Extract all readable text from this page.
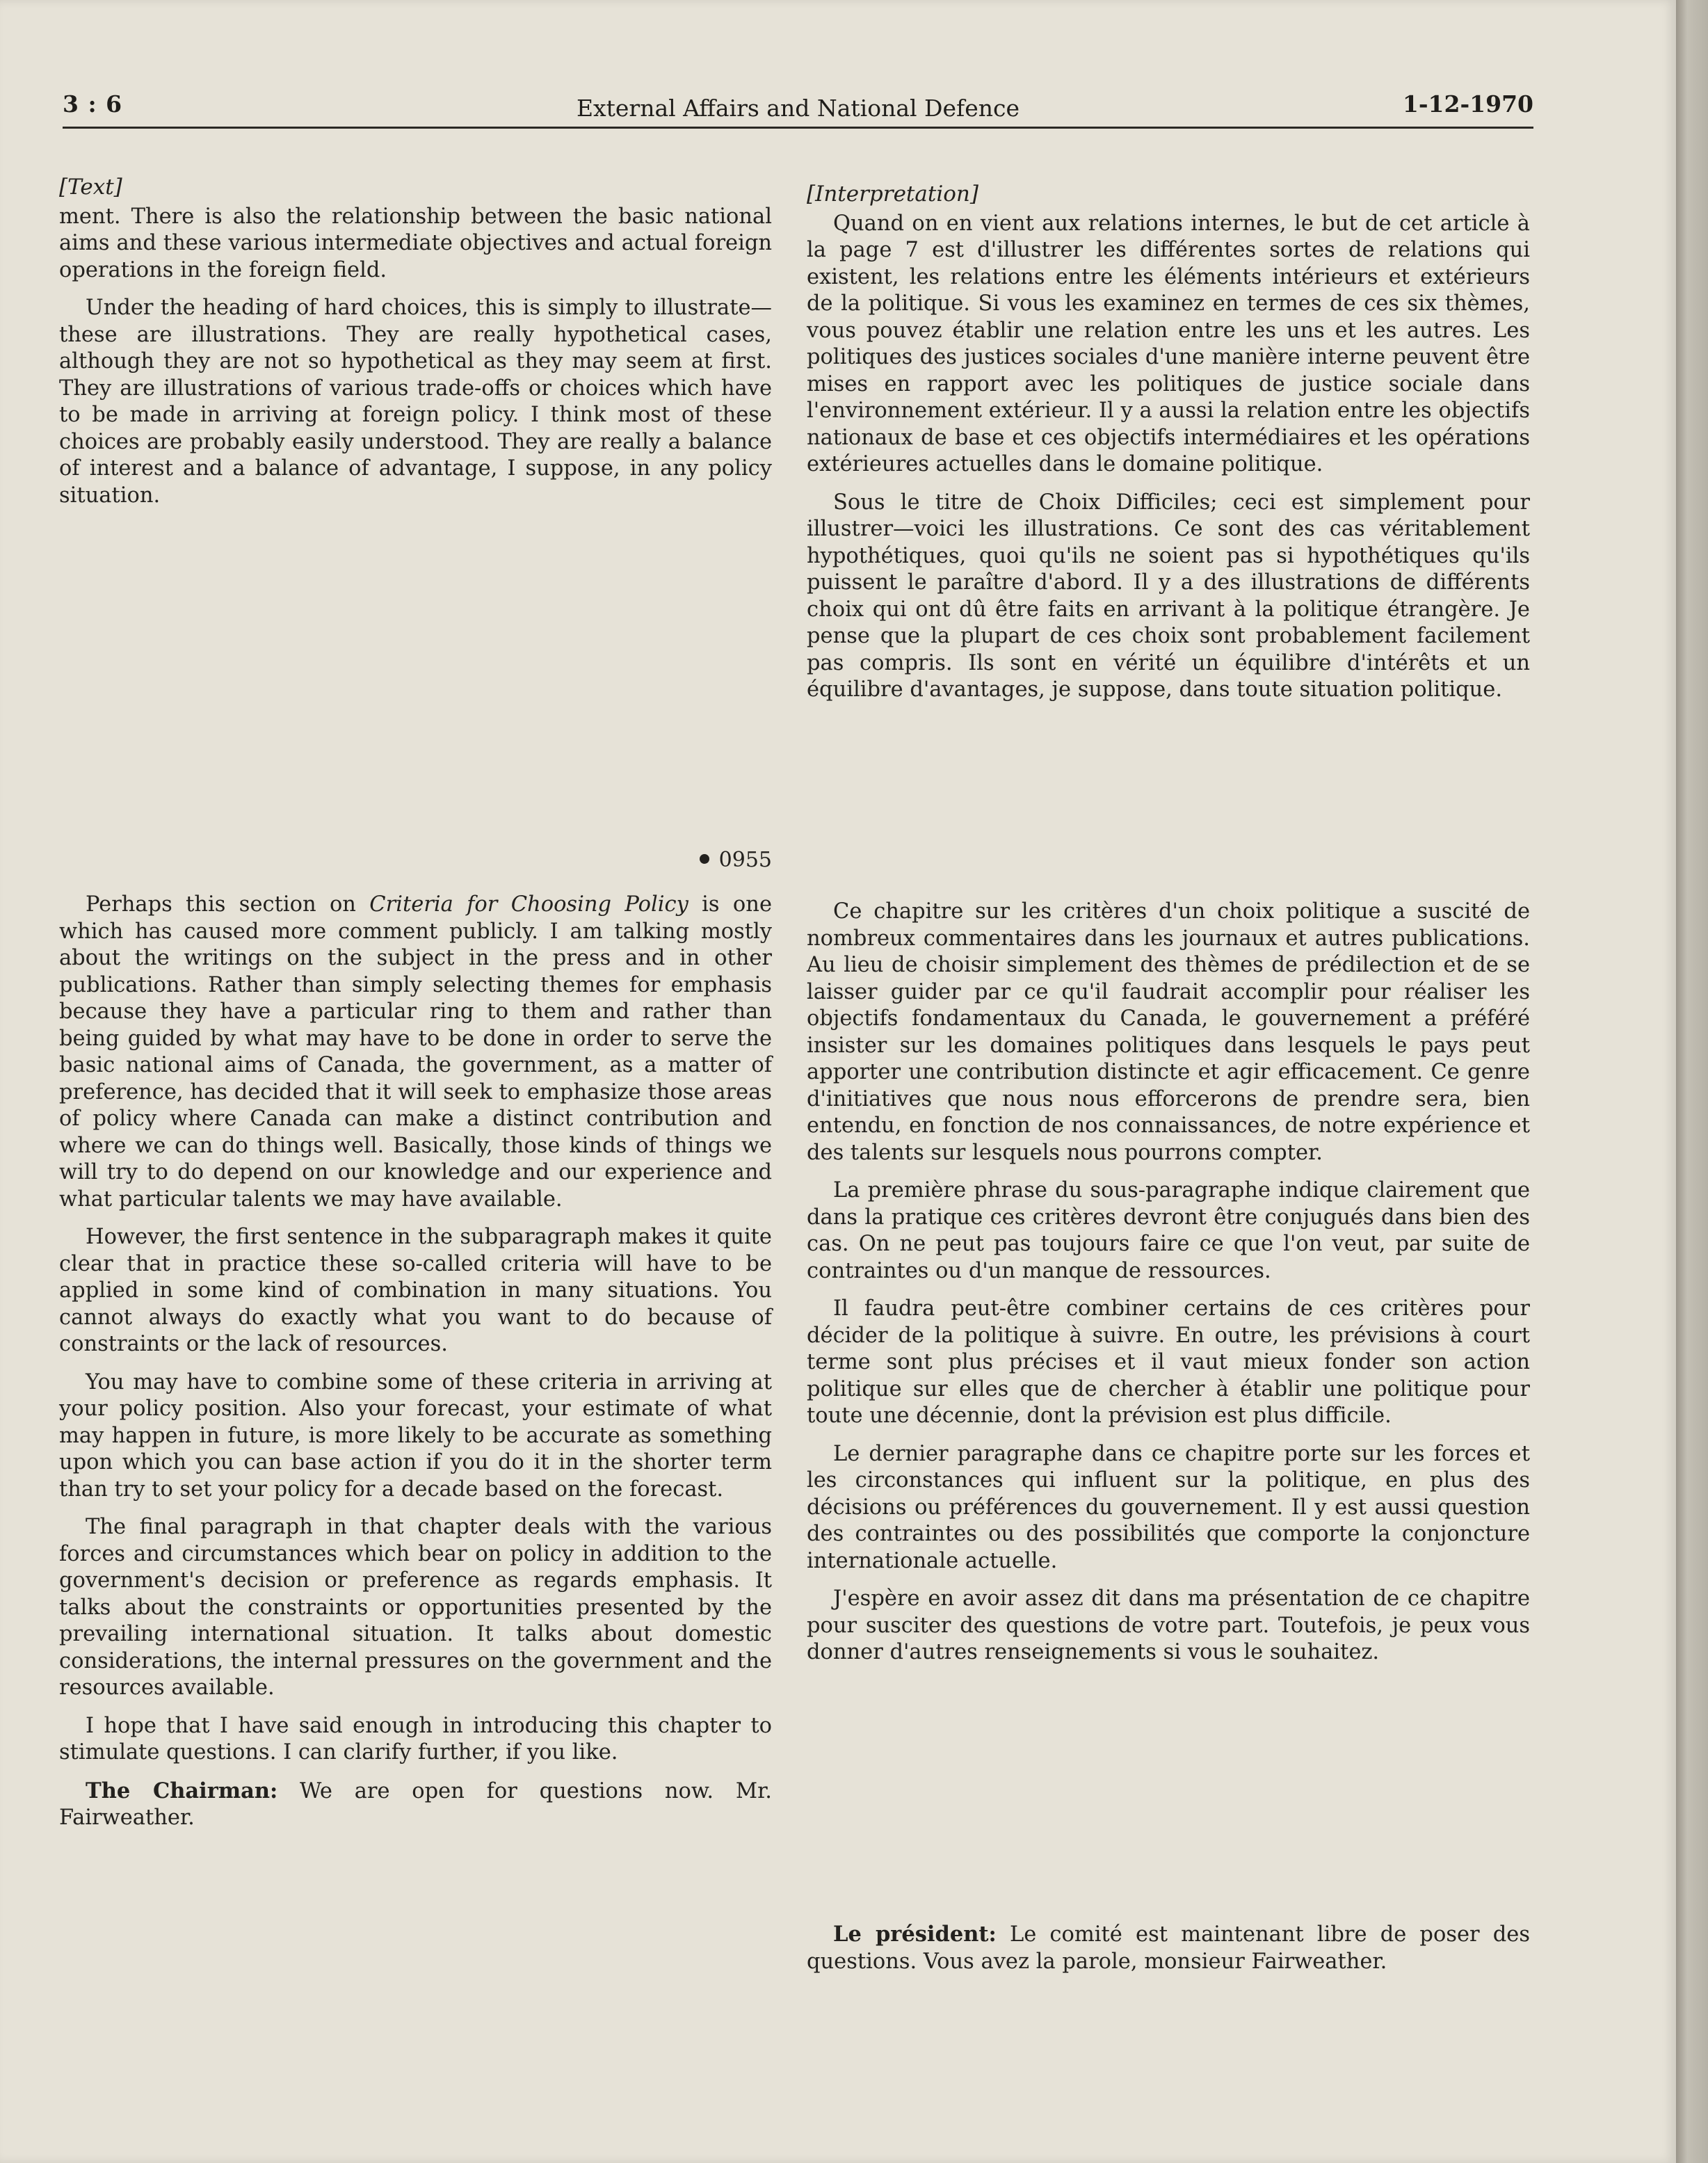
3 : 6	External Affairs and National Defence	1-12-1970
[Text]

ment. There is also the relationship between the basic national aims and these various intermediate objectives and actual foreign operations in the foreign field.

Under the heading of hard choices, this is simply to illustrate—these are illustrations. They are really hypothetical cases, although they are not so hypothetical as they may seem at first. They are illustrations of various trade-offs or choices which have to be made in arriving at foreign policy. I think most of these choices are probably easily understood. They are really a balance of interest and a balance of advantage, I suppose, in any policy situation.

0955

Perhaps this section on Criteria for Choosing Policy is one which has caused more comment publicly. I am talking mostly about the writings on the subject in the press and in other publications. Rather than simply selecting themes for emphasis because they have a particular ring to them and rather than being guided by what may have to be done in order to serve the basic national aims of Canada, the government, as a matter of preference, has decided that it will seek to emphasize those areas of policy where Canada can make a distinct contribution and where we can do things well. Basically, those kinds of things we will try to do depend on our knowledge and our experience and what particular talents we may have available.

However, the first sentence in the subparagraph makes it quite clear that in practice these so-called criteria will have to be applied in some kind of combination in many situations. You cannot always do exactly what you want to do because of constraints or the lack of resources.

You may have to combine some of these criteria in arriving at your policy position. Also your forecast, your estimate of what may happen in future, is more likely to be accurate as something upon which you can base action if you do it in the shorter term than try to set your policy for a decade based on the forecast.

The final paragraph in that chapter deals with the various forces and circumstances which bear on policy in addition to the government's decision or preference as regards emphasis. It talks about the constraints or opportunities presented by the prevailing international situation. It talks about domestic considerations, the internal pressures on the government and the resources available.

I hope that I have said enough in introducing this chapter to stimulate questions. I can clarify further, if you like.

The Chairman: We are open for questions now. Mr. Fairweather.

[Interpretation]

Quand on en vient aux relations internes, le but de cet article à la page 7 est d'illustrer les différentes sortes de relations qui existent, les relations entre les éléments intérieurs et extérieurs de la politique. Si vous les examinez en termes de ces six thèmes, vous pouvez établir une relation entre les uns et les autres. Les politiques des justices sociales d'une manière interne peuvent être mises en rapport avec les politiques de justice sociale dans l'environnement extérieur. Il y a aussi la relation entre les objectifs nationaux de base et ces objectifs intermédiaires et les opérations extérieures actuelles dans le domaine politique.

Sous le titre de Choix Difficiles; ceci est simplement pour illustrer—voici les illustrations. Ce sont des cas véritablement hypothétiques, quoi qu'ils ne soient pas si hypothétiques qu'ils puissent le paraître d'abord. Il y a des illustrations de différents choix qui ont dû être faits en arrivant à la politique étrangère. Je pense que la plupart de ces choix sont probablement facilement pas compris. Ils sont en vérité un équilibre d'intérêts et un équilibre d'avantages, je suppose, dans toute situation politique.

Ce chapitre sur les critères d'un choix politique a suscité de nombreux commentaires dans les journaux et autres publications. Au lieu de choisir simplement des thèmes de prédilection et de se laisser guider par ce qu'il faudrait accomplir pour réaliser les objectifs fondamentaux du Canada, le gouvernement a préféré insister sur les domaines politiques dans lesquels le pays peut apporter une contribution distincte et agir efficacement. Ce genre d'initiatives que nous nous efforcerons de prendre sera, bien entendu, en fonction de nos connaissances, de notre expérience et des talents sur lesquels nous pourrons compter.

La première phrase du sous-paragraphe indique clairement que dans la pratique ces critères devront être conjugués dans bien des cas. On ne peut pas toujours faire ce que l'on veut, par suite de contraintes ou d'un manque de ressources.

Il faudra peut-être combiner certains de ces critères pour décider de la politique à suivre. En outre, les prévisions à court terme sont plus précises et il vaut mieux fonder son action politique sur elles que de chercher à établir une politique pour toute une décennie, dont la prévision est plus difficile.

Le dernier paragraphe dans ce chapitre porte sur les forces et les circonstances qui influent sur la politique, en plus des décisions ou préférences du gouvernement. Il y est aussi question des contraintes ou des possibilités que comporte la conjoncture internationale actuelle.

J'espère en avoir assez dit dans ma présentation de ce chapitre pour susciter des questions de votre part. Toutefois, je peux vous donner d'autres renseignements si vous le souhaitez.

Le président: Le comité est maintenant libre de poser des questions. Vous avez la parole, monsieur Fairweather.
